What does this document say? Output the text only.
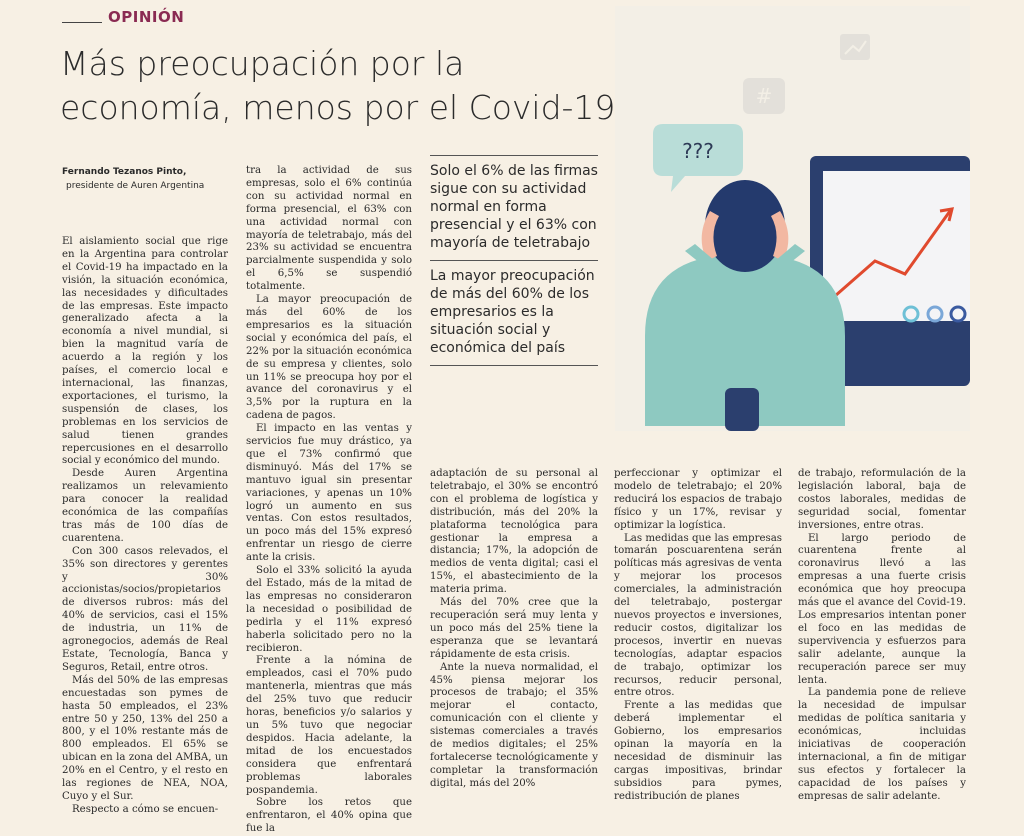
OPINIÓN
Más preocupación por la economía, menos por el Covid-19
Fernando Tezanos Pinto,
presidente de Auren Argentina

El aislamiento social que rige en la Argentina para controlar el Covid-19 ha impactado en la visión, la situación económica, las necesidades y dificultades de las empresas. Este impacto generalizado afecta a la economía a nivel mundial, si bien la magnitud varía de acuerdo a la región y los países, el comercio local e internacional, las finanzas, exportaciones, el turismo, la suspensión de clases, los problemas en los servicios de salud tienen grandes repercusiones en el desarrollo social y económico del mundo.

Desde Auren Argentina realizamos un relevamiento para conocer la realidad económica de las compañías tras más de 100 días de cuarentena.

Con 300 casos relevados, el 35% son directores y gerentes y 30% accionistas/socios/propietarios de diversos rubros: más del 40% de servicios, casi el 15% de industria, un 11% de agronegocios, además de Real Estate, Tecnología, Banca y Seguros, Retail, entre otros.

Más del 50% de las empresas encuestadas son pymes de hasta 50 empleados, el 23% entre 50 y 250, 13% del 250 a 800, y el 10% restante más de 800 empleados. El 65% se ubican en la zona del AMBA, un 20% en el Centro, y el resto en las regiones de NEA, NOA, Cuyo y el Sur.

Respecto a cómo se encuen-

tra la actividad de sus empresas, solo el 6% continúa con su actividad normal en forma presencial, el 63% con una actividad normal con mayoría de teletrabajo, más del 23% su actividad se encuentra parcialmente suspendida y solo el 6,5% se suspendió totalmente.

La mayor preocupación de más del 60% de los empresarios es la situación social y económica del país, el 22% por la situación económica de su empresa y clientes, solo un 11% se preocupa hoy por el avance del coronavirus y el 3,5% por la ruptura en la cadena de pagos.

El impacto en las ventas y servicios fue muy drástico, ya que el 73% confirmó que disminuyó. Más del 17% se mantuvo igual sin presentar variaciones, y apenas un 10% logró un aumento en sus ventas. Con estos resultados, un poco más del 15% expresó enfrentar un riesgo de cierre ante la crisis.

Solo el 33% solicitó la ayuda del Estado, más de la mitad de las empresas no consideraron la necesidad o posibilidad de pedirla y el 11% expresó haberla solicitado pero no la recibieron.

Frente a la nómina de empleados, casi el 70% pudo mantenerla, mientras que más del 25% tuvo que reducir horas, beneficios y/o salarios y un 5% tuvo que negociar despidos. Hacia adelante, la mitad de los encuestados considera que enfrentará problemas laborales pospandemia.

Sobre los retos que enfrentaron, el 40% opina que fue la

Solo el 6% de las firmas sigue con su actividad normal en forma presencial y el 63% con mayoría de teletrabajo
La mayor preocupación de más del 60% de los empresarios es la situación social y económica del país

adaptación de su personal al teletrabajo, el 30% se encontró con el problema de logística y distribución, más del 20% la plataforma tecnológica para gestionar la empresa a distancia; 17%, la adopción de medios de venta digital; casi el 15%, el abastecimiento de la materia prima.

Más del 70% cree que la recuperación será muy lenta y un poco más del 25% tiene la esperanza que se levantará rápidamente de esta crisis.

Ante la nueva normalidad, el 45% piensa mejorar los procesos de trabajo; el 35% mejorar el contacto, comunicación con el cliente y sistemas comerciales a través de medios digitales; el 25% fortalecerse tecnológicamente y completar la transformación digital, más del 20%

perfeccionar y optimizar el modelo de teletrabajo; el 20% reducirá los espacios de trabajo físico y un 17%, revisar y optimizar la logística.

Las medidas que las empresas tomarán poscuarentena serán políticas más agresivas de venta y mejorar los procesos comerciales, la administración del teletrabajo, postergar nuevos proyectos e inversiones, reducir costos, digitalizar los procesos, invertir en nuevas tecnologías, adaptar espacios de trabajo, optimizar los recursos, reducir personal, entre otros.

Frente a las medidas que deberá implementar el Gobierno, los empresarios opinan la mayoría en la necesidad de disminuir las cargas impositivas, brindar subsidios para pymes, redistribución de planes

de trabajo, reformulación de la legislación laboral, baja de costos laborales, medidas de seguridad social, fomentar inversiones, entre otras.

El largo periodo de cuarentena frente al coronavirus llevó a las empresas a una fuerte crisis económica que hoy preocupa más que el avance del Covid-19. Los empresarios intentan poner el foco en las medidas de supervivencia y esfuerzos para salir adelante, aunque la recuperación parece ser muy lenta.

La pandemia pone de relieve la necesidad de impulsar medidas de política sanitaria y económicas, incluidas iniciativas de cooperación internacional, a fin de mitigar sus efectos y fortalecer la capacidad de los países y empresas de salir adelante.

#
???
